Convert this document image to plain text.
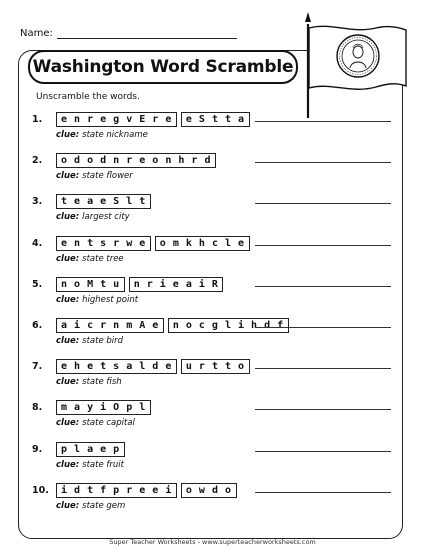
Name:
Washington Word Scramble
Unscramble the words.
1.	e n r e g v E r e	e S t t a
clue: state nickname
2.	o d o d n r e o n h r d
clue: state flower
3.	t e a e S l t
clue: largest city
4.	e n t s r w e	o m k h c l e
clue: state tree
5.	n o M t u	n r i e a i R
clue: highest point
6.	a i c r n m A e	n o c g l i h d f
clue: state bird
7.	e h e t s a l d e	u r t t o
clue: state fish
8.	m a y i O p l
clue: state capital
9.	p l a e p
clue: state fruit
10.	i d t f p r e e i	o w d o
clue: state gem
Super Teacher Worksheets - www.superteacherworksheets.com
